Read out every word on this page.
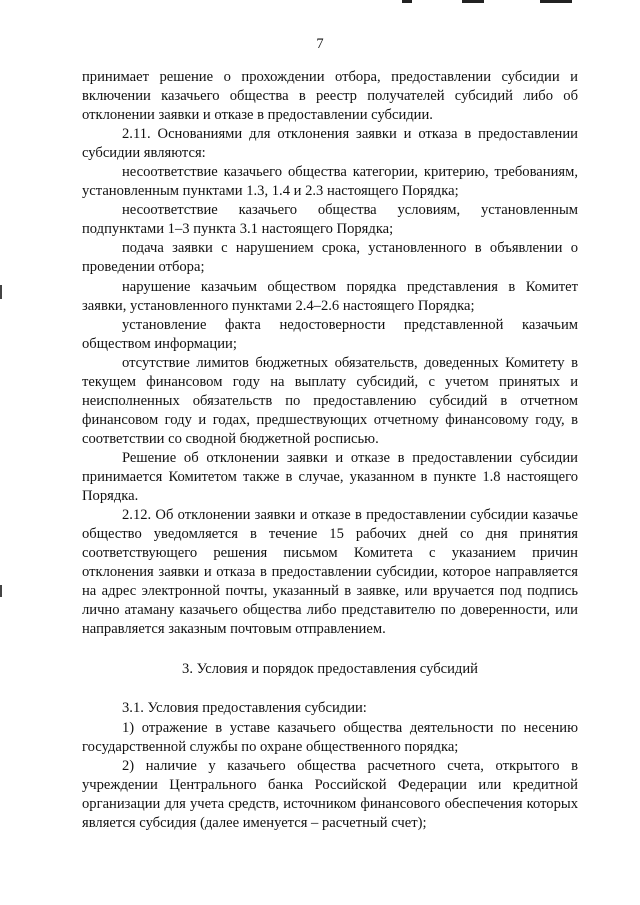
7

принимает решение о прохождении отбора, предоставлении субсидии и включении казачьего общества в реестр получателей субсидий либо об отклонении заявки и отказе в предоставлении субсидии.

2.11. Основаниями для отклонения заявки и отказа в предоставлении субсидии являются:

несоответствие казачьего общества категории, критерию, требованиям, установленным пунктами 1.3, 1.4 и 2.3 настоящего Порядка;

несоответствие казачьего общества условиям, установленным подпунктами 1–3 пункта 3.1 настоящего Порядка;

подача заявки с нарушением срока, установленного в объявлении о проведении отбора;

нарушение казачьим обществом порядка представления в Комитет заявки, установленного пунктами 2.4–2.6 настоящего Порядка;

установление факта недостоверности представленной казачьим обществом информации;

отсутствие лимитов бюджетных обязательств, доведенных Комитету в текущем финансовом году на выплату субсидий, с учетом принятых и неисполненных обязательств по предоставлению субсидий в отчетном финансовом году и годах, предшествующих отчетному финансовому году, в соответствии со сводной бюджетной росписью.

Решение об отклонении заявки и отказе в предоставлении субсидии принимается Комитетом также в случае, указанном в пункте 1.8 настоящего Порядка.

2.12. Об отклонении заявки и отказе в предоставлении субсидии казачье общество уведомляется в течение 15 рабочих дней со дня принятия соответствующего решения письмом Комитета с указанием причин отклонения заявки и отказа в предоставлении субсидии, которое направляется на адрес электронной почты, указанный в заявке, или вручается под подпись лично атаману казачьего общества либо представителю по доверенности, или направляется заказным почтовым отправлением.

3. Условия и порядок предоставления субсидий

3.1. Условия предоставления субсидии:

1) отражение в уставе казачьего общества деятельности по несению государственной службы по охране общественного порядка;

2) наличие у казачьего общества расчетного счета, открытого в учреждении Центрального банка Российской Федерации или кредитной организации для учета средств, источником финансового обеспечения которых является субсидия (далее именуется – расчетный счет);
